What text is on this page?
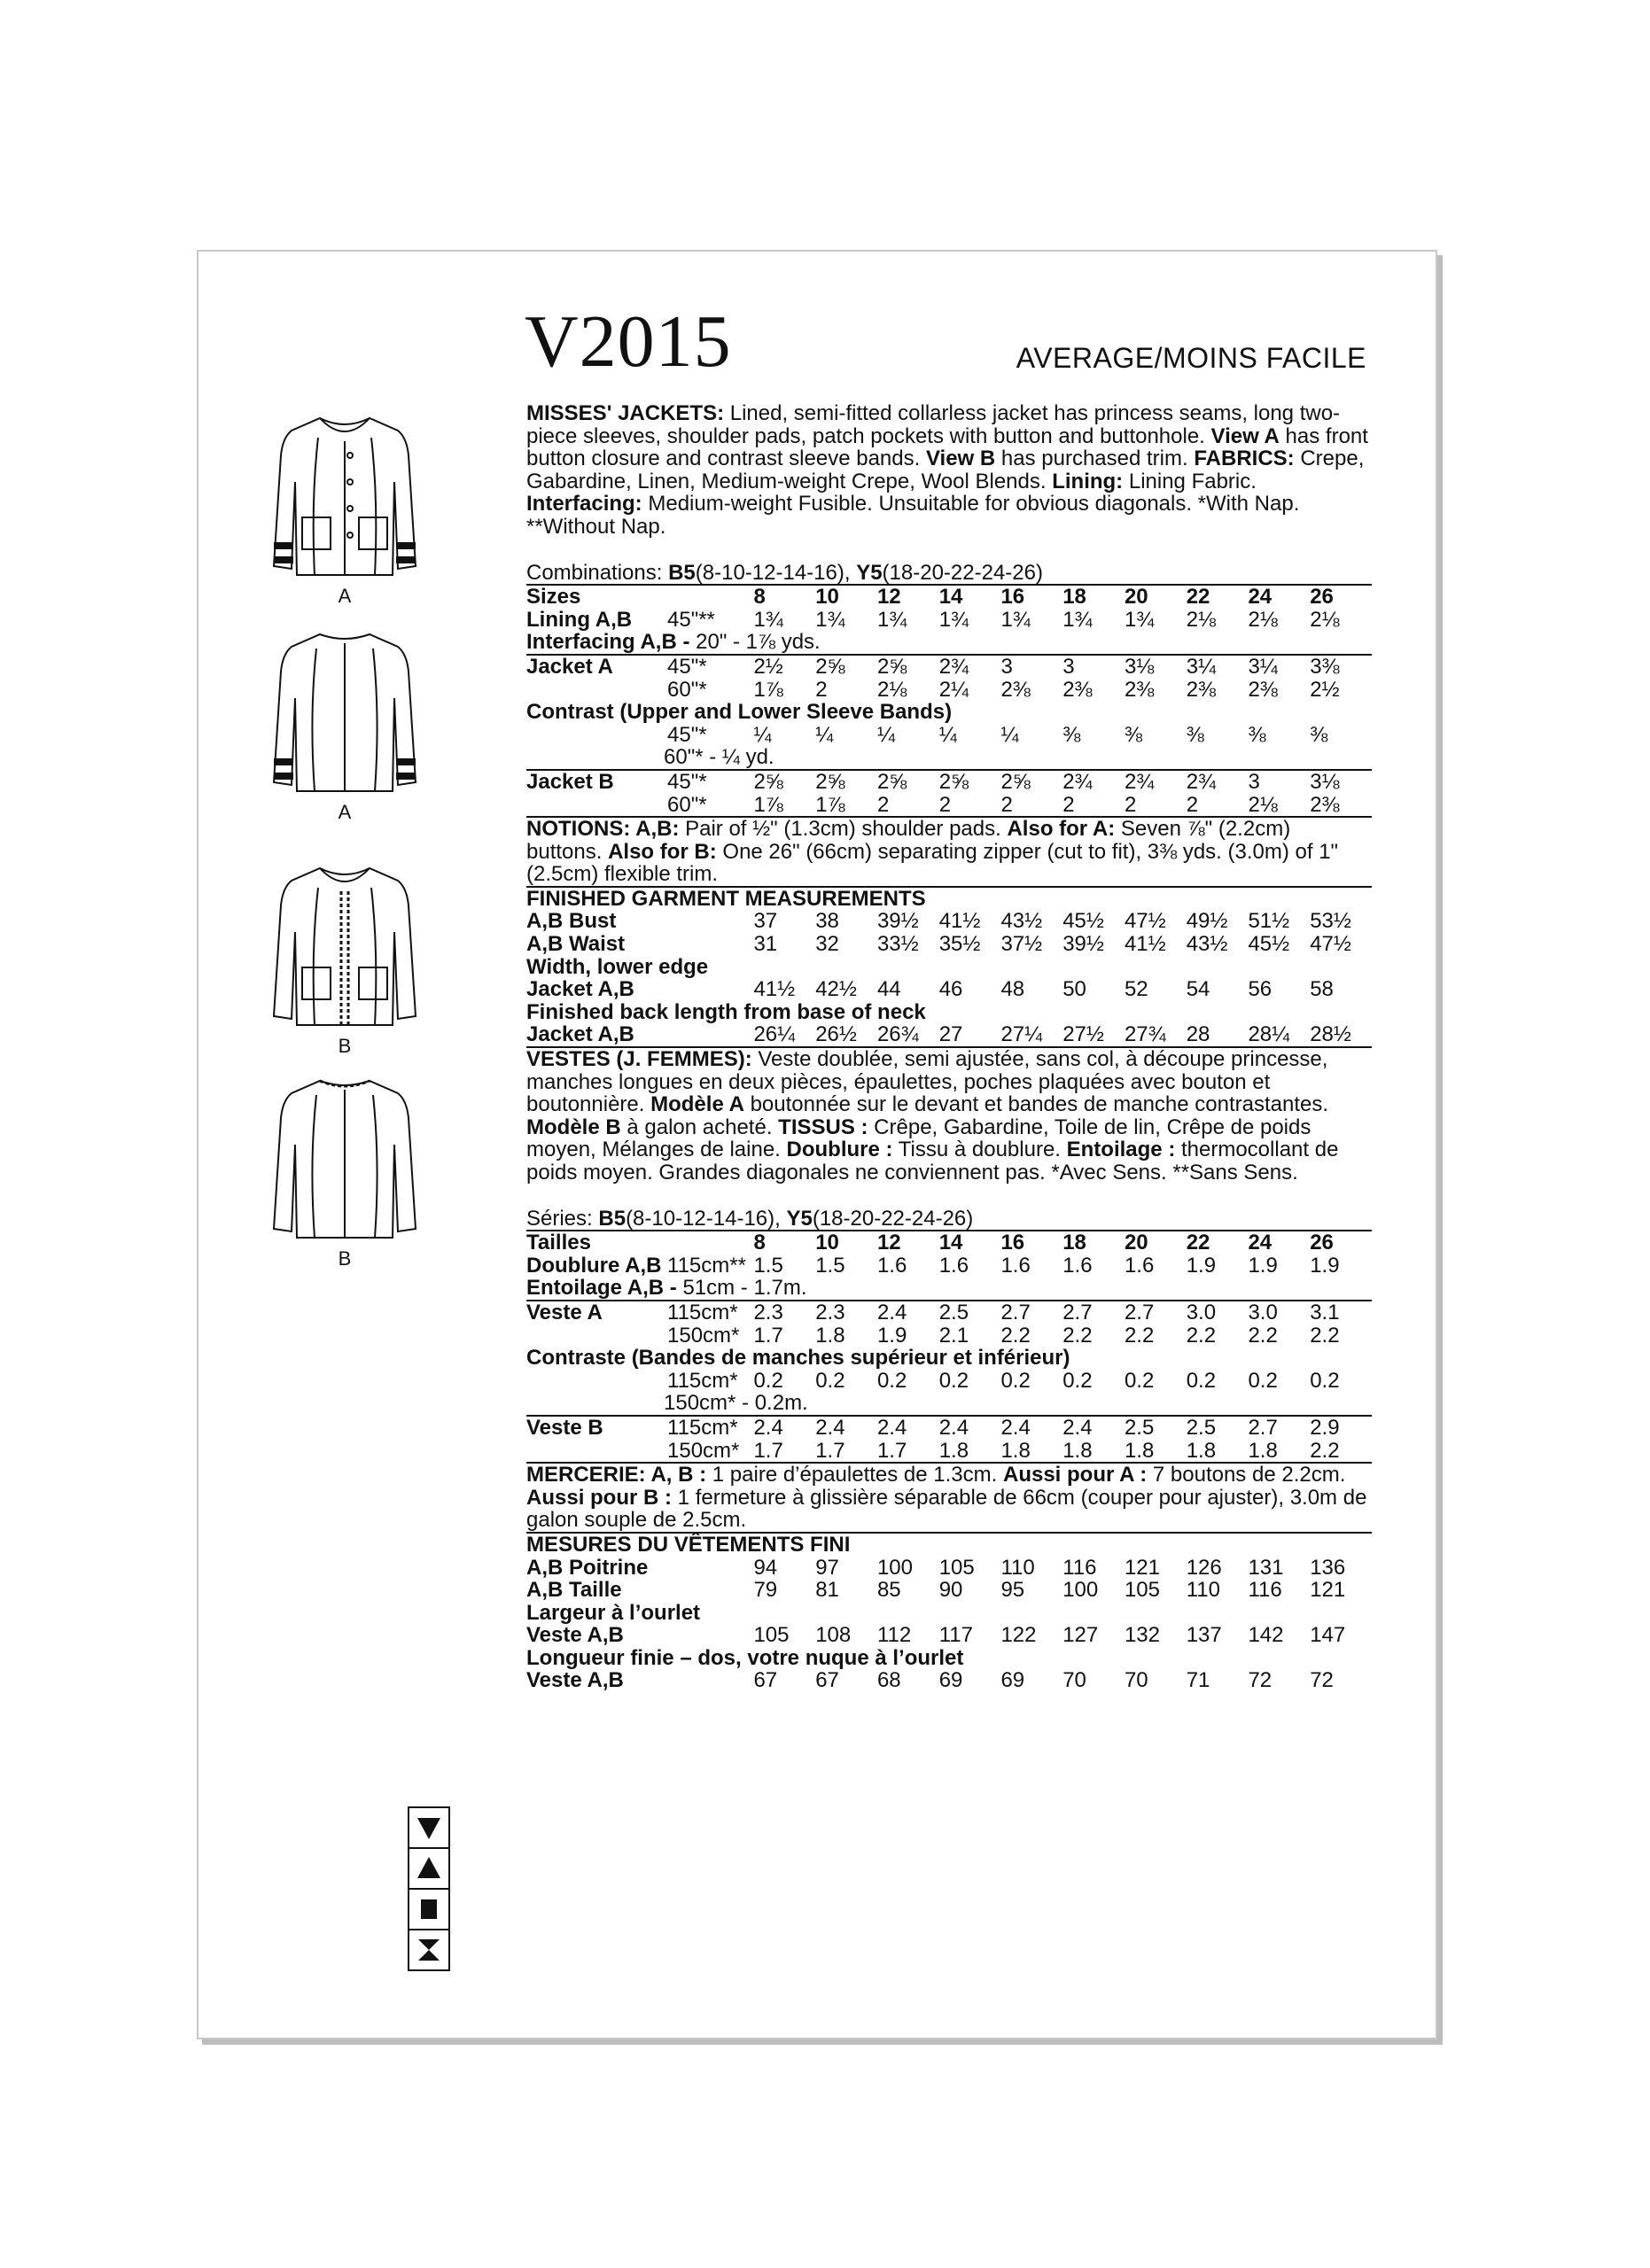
V2015	AVERAGE/MOINS FACILE
A
A
B
B

MISSES' JACKETS: Lined, semi-fitted collarless jacket has princess seams, long two-piece sleeves, shoulder pads, patch pockets with button and buttonhole. View A has front button closure and contrast sleeve bands. View B has purchased trim. FABRICS: Crepe, Gabardine, Linen, Medium-weight Crepe, Wool Blends. Lining: Lining Fabric. Interfacing: Medium-weight Fusible. Unsuitable for obvious diagonals. *With Nap. **Without Nap.

Combinations: B5(8-10-12-14-16), Y5(18-20-22-24-26)

Sizes		8	10	12	14	16	18	20	22	24	26
Lining A,B	45"**	1¾	1¾	1¾	1¾	1¾	1¾	1¾	2⅛	2⅛	2⅛
Interfacing A,B - 20" - 1⅞ yds.											
Jacket A	45"*	2½	2⅝	2⅝	2¾	3	3	3⅛	3¼	3¼	3⅜
	60"*	1⅞	2	2⅛	2¼	2⅜	2⅜	2⅜	2⅜	2⅜	2½
Contrast (Upper and Lower Sleeve Bands)											
	45"*	¼	¼	¼	¼	¼	⅜	⅜	⅜	⅜	⅜
60"* - ¼ yd.											
Jacket B	45"*	2⅝	2⅝	2⅝	2⅝	2⅝	2¾	2¾	2¾	3	3⅛
	60"*	1⅞	1⅞	2	2	2	2	2	2	2⅛	2⅜

NOTIONS: A,B: Pair of ½" (1.3cm) shoulder pads. Also for A: Seven ⅞" (2.2cm) buttons. Also for B: One 26" (66cm) separating zipper (cut to fit), 3⅜ yds. (3.0m) of 1" (2.5cm) flexible trim.

FINISHED GARMENT MEASUREMENTS

A,B Bust		37	38	39½	41½	43½	45½	47½	49½	51½	53½
A,B Waist		31	32	33½	35½	37½	39½	41½	43½	45½	47½
Width, lower edge											
Jacket A,B		41½	42½	44	46	48	50	52	54	56	58
Finished back length from base of neck											
Jacket A,B		26¼	26½	26¾	27	27¼	27½	27¾	28	28¼	28½

VESTES (J. FEMMES): Veste doublée, semi ajustée, sans col, à découpe princesse, manches longues en deux pièces, épaulettes, poches plaquées avec bouton et boutonnière. Modèle A boutonnée sur le devant et bandes de manche contrastantes. Modèle B à galon acheté. TISSUS : Crêpe, Gabardine, Toile de lin, Crêpe de poids moyen, Mélanges de laine. Doublure : Tissu à doublure. Entoilage : thermocollant de poids moyen. Grandes diagonales ne conviennent pas. *Avec Sens. **Sans Sens.

Séries: B5(8-10-12-14-16), Y5(18-20-22-24-26)

Tailles		8	10	12	14	16	18	20	22	24	26
Doublure A,B	115cm**	1.5	1.5	1.6	1.6	1.6	1.6	1.6	1.9	1.9	1.9
Entoilage A,B - 51cm - 1.7m.											
Veste A	115cm*	2.3	2.3	2.4	2.5	2.7	2.7	2.7	3.0	3.0	3.1
	150cm*	1.7	1.8	1.9	2.1	2.2	2.2	2.2	2.2	2.2	2.2
Contraste (Bandes de manches supérieur et inférieur)											
	115cm*	0.2	0.2	0.2	0.2	0.2	0.2	0.2	0.2	0.2	0.2
150cm* - 0.2m.											
Veste B	115cm*	2.4	2.4	2.4	2.4	2.4	2.4	2.5	2.5	2.7	2.9
	150cm*	1.7	1.7	1.7	1.8	1.8	1.8	1.8	1.8	1.8	2.2

MERCERIE: A, B : 1 paire d’épaulettes de 1.3cm. Aussi pour A : 7 boutons de 2.2cm. Aussi pour B : 1 fermeture à glissière séparable de 66cm (couper pour ajuster), 3.0m de galon souple de 2.5cm.

MESURES DU VÊTEMENTS FINI

A,B Poitrine		94	97	100	105	110	116	121	126	131	136
A,B Taille		79	81	85	90	95	100	105	110	116	121
Largeur à l’ourlet											
Veste A,B		105	108	112	117	122	127	132	137	142	147
Longueur finie – dos, votre nuque à l’ourlet											
Veste A,B		67	67	68	69	69	70	70	71	72	72
